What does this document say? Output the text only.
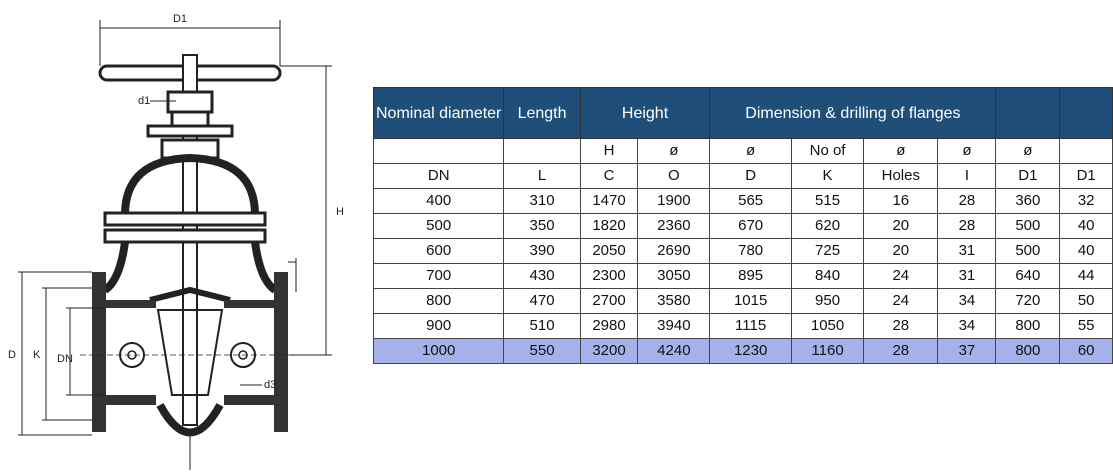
D1
d1
H
D K DN
d3
Nominal diameter	Length	Height		Dimension & drilling of flanges					
		H	ø	ø	No of	ø	ø	ø	
DN	L	C	O	D	K	Holes	I	D1	D1
400	310	1470	1900	565	515	16	28	360	32
500	350	1820	2360	670	620	20	28	500	40
600	390	2050	2690	780	725	20	31	500	40
700	430	2300	3050	895	840	24	31	640	44
800	470	2700	3580	1015	950	24	34	720	50
900	510	2980	3940	1115	1050	28	34	800	55
1000	550	3200	4240	1230	1160	28	37	800	60
